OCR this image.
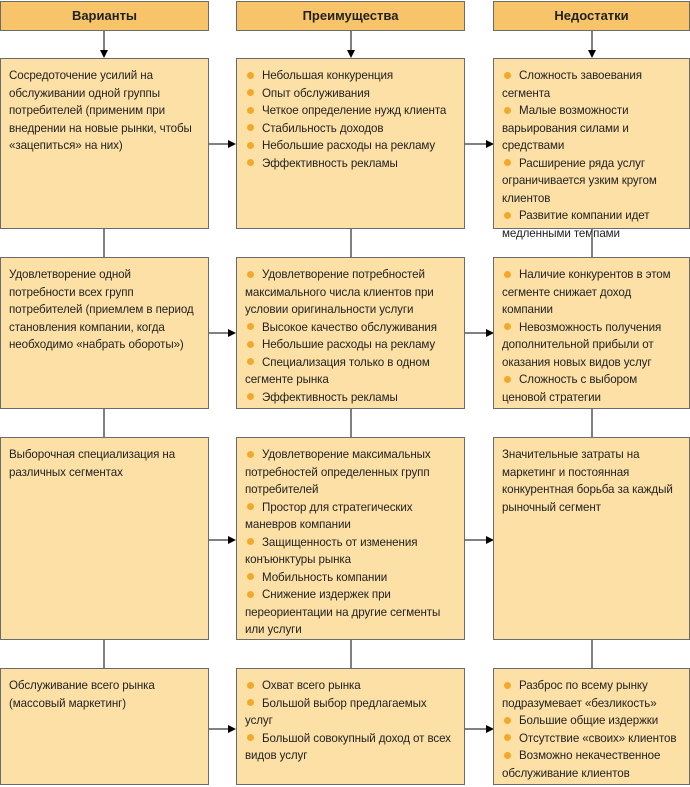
Варианты	Преимущества	Недостатки
Сосредоточение усилий на обслуживании одной группы потребителей (применим при внедрении на новые рынки, чтобы «зацепиться» на них)
Небольшая конкуренция
Опыт обслуживания
Четкое определение нужд клиента
Стабильность доходов
Небольшие расходы на рекламу
Эффективность рекламы
Сложность завоевания сегмента
Малые возможности варьирования силами и средствами
Расширение ряда услуг ограничивается узким кругом клиентов
Развитие компании идет медленными темпами
Удовлетворение одной потребности всех групп потребителей (приемлем в период становления компании, когда необходимо «набрать обороты»)
Удовлетворение потребностей максимального числа клиентов при условии оригинальности услуги
Высокое качество обслуживания
Небольшие расходы на рекламу
Специализация только в одном сегменте рынка
Эффективность рекламы
Наличие конкурентов в этом сегменте снижает доход компании
Невозможность получения дополнительной прибыли от оказания новых видов услуг
Сложность с выбором ценовой стратегии
Выборочная специализация на различных сегментах
Удовлетворение максимальных потребностей определенных групп потребителей
Простор для стратегических маневров компании
Защищенность от изменения конъюнктуры рынка
Мобильность компании
Снижение издержек при переориентации на другие сегменты или услуги
Значительные затраты на маркетинг и постоянная конкурентная борьба за каждый рыночный сегмент
Обслуживание всего рынка (массовый маркетинг)
Охват всего рынка
Большой выбор предлагаемых услуг
Большой совокупный доход от всех видов услуг
Разброс по всему рынку подразумевает «безликость»
Большие общие издержки
Отсутствие «своих» клиентов
Возможно некачественное обслуживание клиентов
